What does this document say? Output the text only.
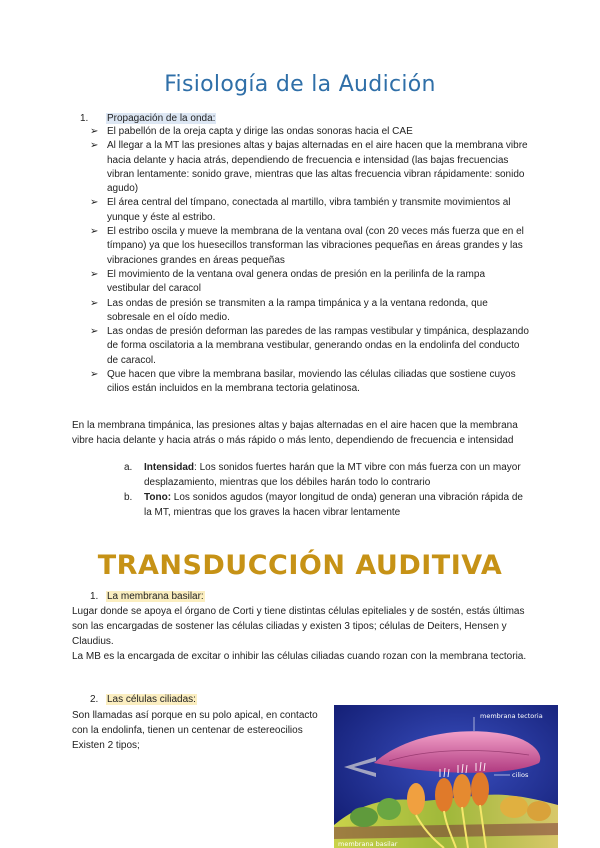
Fisiología de la Audición
1. Propagación de la onda:
➢ El pabellón de la oreja capta y dirige las ondas sonoras hacia el CAE
➢ Al llegar a la MT las presiones altas y bajas alternadas en el aire hacen que la membrana vibre hacia delante y hacia atrás, dependiendo de frecuencia e intensidad (las bajas frecuencias vibran lentamente: sonido grave, mientras que las altas frecuencia vibran rápidamente: sonido agudo)
➢ El área central del tímpano, conectada al martillo, vibra también y transmite movimientos al yunque y éste al estribo.
➢ El estribo oscila y mueve la membrana de la ventana oval (con 20 veces más fuerza que en el tímpano) ya que los huesecillos transforman las vibraciones pequeñas en áreas grandes y las vibraciones grandes en áreas pequeñas
➢ El movimiento de la ventana oval genera ondas de presión en la perilinfa de la rampa vestibular del caracol
➢ Las ondas de presión se transmiten a la rampa timpánica y a la ventana redonda, que sobresale en el oído medio.
➢ Las ondas de presión deforman las paredes de las rampas vestibular y timpánica, desplazando de forma oscilatoria a la membrana vestibular, generando ondas en la endolinfa del conducto de caracol.
➢ Que hacen que vibre la membrana basilar, moviendo las células ciliadas que sostiene cuyos cilios están incluidos en la membrana tectoria gelatinosa.
En la membrana timpánica, las presiones altas y bajas alternadas en el aire hacen que la membrana vibre hacia delante y hacia atrás o más rápido o más lento, dependiendo de frecuencia e intensidad
a. Intensidad: Los sonidos fuertes harán que la MT vibre con más fuerza con un mayor desplazamiento, mientras que los débiles harán todo lo contrario
b. Tono: Los sonidos agudos (mayor longitud de onda) generan una vibración rápida de la MT, mientras que los graves la hacen vibrar lentamente
TRANSDUCCIÓN AUDITIVA
1. La membrana basilar:
Lugar donde se apoya el órgano de Corti y tiene distintas células epiteliales y de sostén, estás últimas son las encargadas de sostener las células ciliadas y existen 3 tipos; células de Deiters, Hensen y Claudius.
La MB es la encargada de excitar o inhibir las células ciliadas cuando rozan con la membrana tectoria.
2. Las células ciliadas:
Son llamadas así porque en su polo apical, en contacto con la endolinfa, tienen un centenar de estereocilios
Existen 2 tipos;
membrana tectoria
cilios
membrana basilar
